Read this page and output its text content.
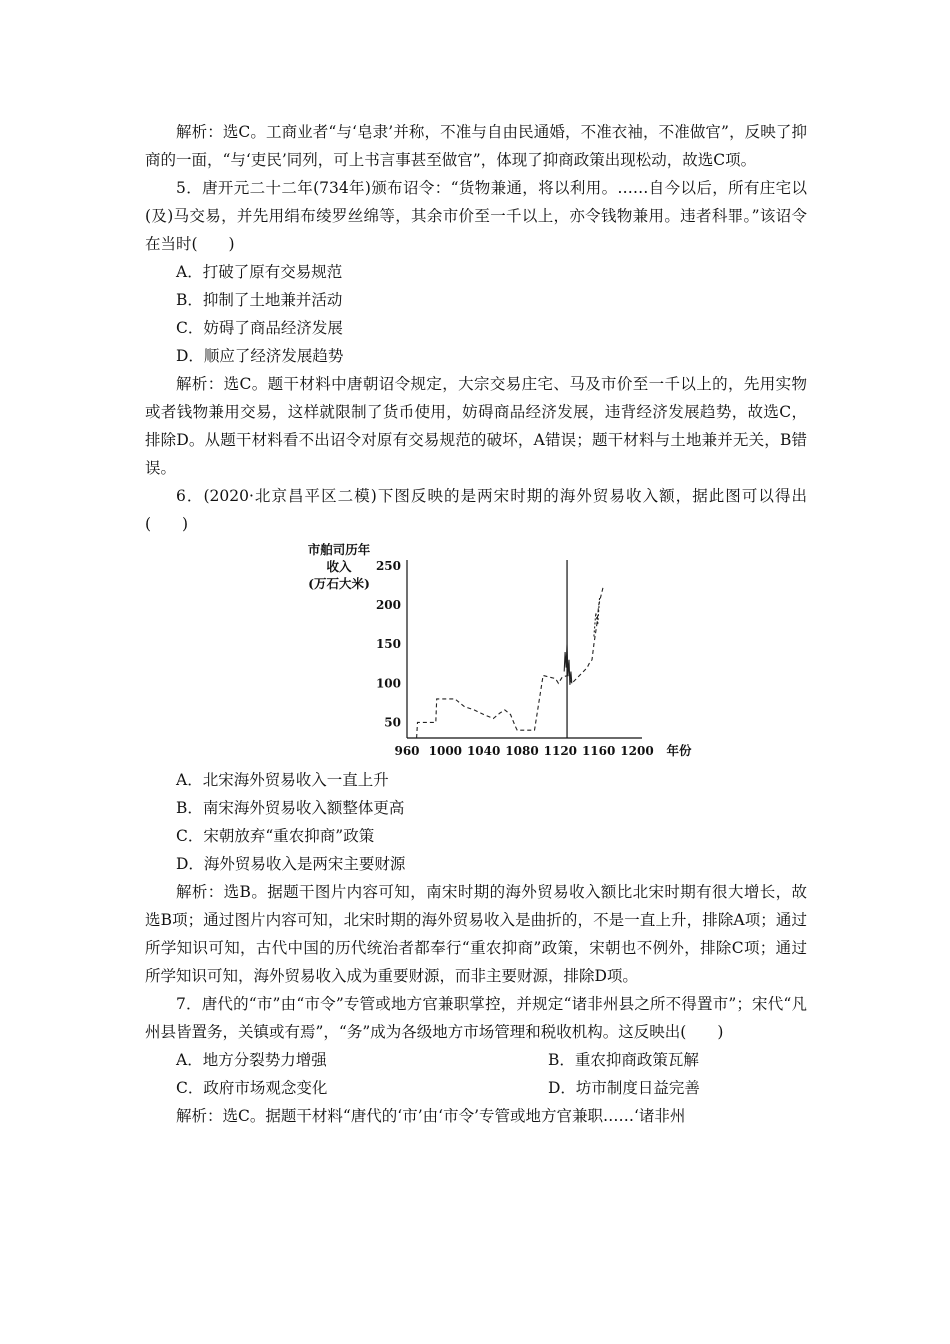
解析：选C。工商业者“与‘皂隶’并称，不准与自由民通婚，不准衣袖，不准做官”，反映了抑商的一面，“与‘吏民’同列，可上书言事甚至做官”，体现了抑商政策出现松动，故选C项。

5．唐开元二十二年(734年)颁布诏令：“货物兼通，将以利用。……自今以后，所有庄宅以(及)马交易，并先用绢布绫罗丝绵等，其余市价至一千以上，亦令钱物兼用。违者科罪。”该诏令在当时(　　)

A．打破了原有交易规范
B．抑制了土地兼并活动
C．妨碍了商品经济发展
D．顺应了经济发展趋势

解析：选C。题干材料中唐朝诏令规定，大宗交易庄宅、马及市价至一千以上的，先用实物或者钱物兼用交易，这样就限制了货币使用，妨碍商品经济发展，违背经济发展趋势，故选C，排除D。从题干材料看不出诏令对原有交易规范的破坏，A错误；题干材料与土地兼并无关，B错误。

6．(2020·北京昌平区二模)下图反映的是两宋时期的海外贸易收入额，据此图可以得出(　　)

市舶司历年
收入
(万石大米)
50
100
150
200
250
960 1000 1040 1080 1120 1160 1200 年份
A．北宋海外贸易收入一直上升
B．南宋海外贸易收入额整体更高
C．宋朝放弃“重农抑商”政策
D．海外贸易收入是两宋主要财源

解析：选B。据题干图片内容可知，南宋时期的海外贸易收入额比北宋时期有很大增长，故选B项；通过图片内容可知，北宋时期的海外贸易收入是曲折的，不是一直上升，排除A项；通过所学知识可知，古代中国的历代统治者都奉行“重农抑商”政策，宋朝也不例外，排除C项；通过所学知识可知，海外贸易收入成为重要财源，而非主要财源，排除D项。

7．唐代的“市”由“市令”专管或地方官兼职掌控，并规定“诸非州县之所不得置市”；宋代“凡州县皆置务，关镇或有焉”，“务”成为各级地方市场管理和税收机构。这反映出(　　)

A．地方分裂势力增强	B．重农抑商政策瓦解
C．政府市场观念变化	D．坊市制度日益完善

解析：选C。据题干材料“唐代的‘市’由‘市令’专管或地方官兼职……‘诸非州
